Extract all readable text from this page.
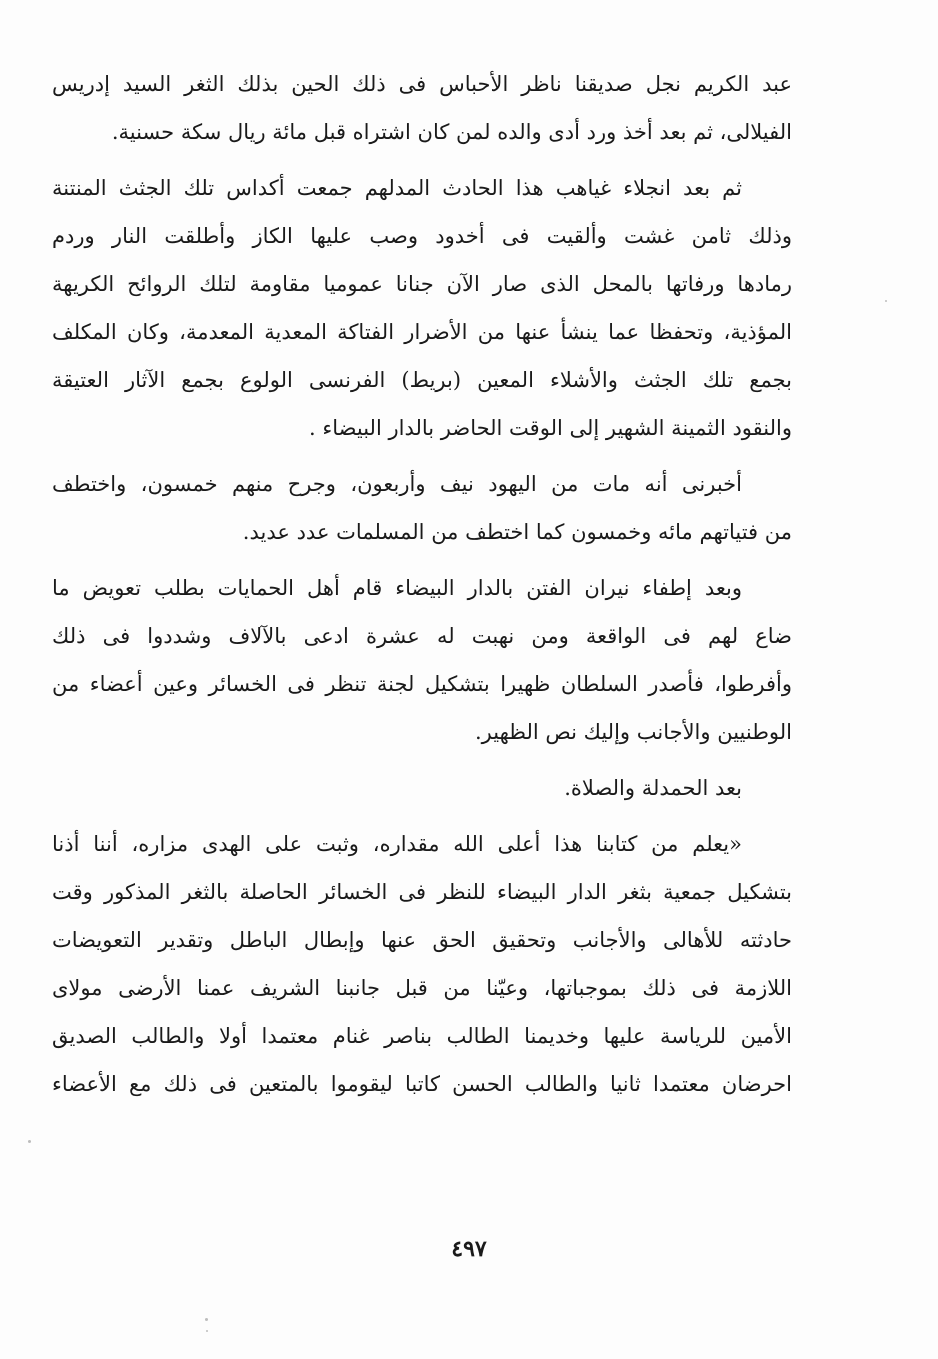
عبد الكريم نجل صديقنا ناظر الأحباس فى ذلك الحين بذلك الثغر السيد إدريس
الفيلالى، ثم بعد أخذ ورد أدى والده لمن كان اشتراه قبل مائة ريال سكة حسنية.

ثم بعد انجلاء غياهب هذا الحادث المدلهم جمعت أكداس تلك الجثث المنتنة
وذلك ثامن غشت وألقيت فى أخدود وصب عليها الكاز وأطلقت النار وردم
رمادها ورفاتها بالمحل الذى صار الآن جنانا عموميا مقاومة لتلك الروائح الكريهة
المؤذية، وتحفظا عما ينشأ عنها من الأضرار الفتاكة المعدية المعدمة، وكان المكلف
بجمع تلك الجثث والأشلاء المعين (بريط) الفرنسى الولوع بجمع الآثار العتيقة
والنقود الثمينة الشهير إلى الوقت الحاضر بالدار البيضاء .

أخبرنى أنه مات من اليهود نيف وأربعون، وجرح منهم خمسون، واختطف
من فتياتهم مائه وخمسون كما اختطف من المسلمات عدد عديد.

وبعد إطفاء نيران الفتن بالدار البيضاء قام أهل الحمايات بطلب تعويض ما
ضاع لهم فى الواقعة ومن نهبت له عشرة ادعى بالآلاف وشددوا فى ذلك
وأفرطوا، فأصدر السلطان ظهيرا بتشكيل لجنة تنظر فى الخسائر وعين أعضاء من
الوطنيين والأجانب وإليك نص الظهير.

بعد الحمدلة والصلاة.

«يعلم من كتابنا هذا أعلى الله مقداره، وثبت على الهدى مزاره، أننا أذنا
بتشكيل جمعية بثغر الدار البيضاء للنظر فى الخسائر الحاصلة بالثغر المذكور وقت
حادثته للأهالى والأجانب وتحقيق الحق عنها وإبطال الباطل وتقدير التعويضات
اللازمة فى ذلك بموجباتها، وعيّنا من قبل جانبنا الشريف عمنا الأرضى مولاى
الأمين للرياسة عليها وخديمنا الطالب بناصر غنام معتمدا أولا والطالب الصديق
احرضان معتمدا ثانيا والطالب الحسن كاتبا ليقوموا بالمتعين فى ذلك مع الأعضاء

٤٩٧
